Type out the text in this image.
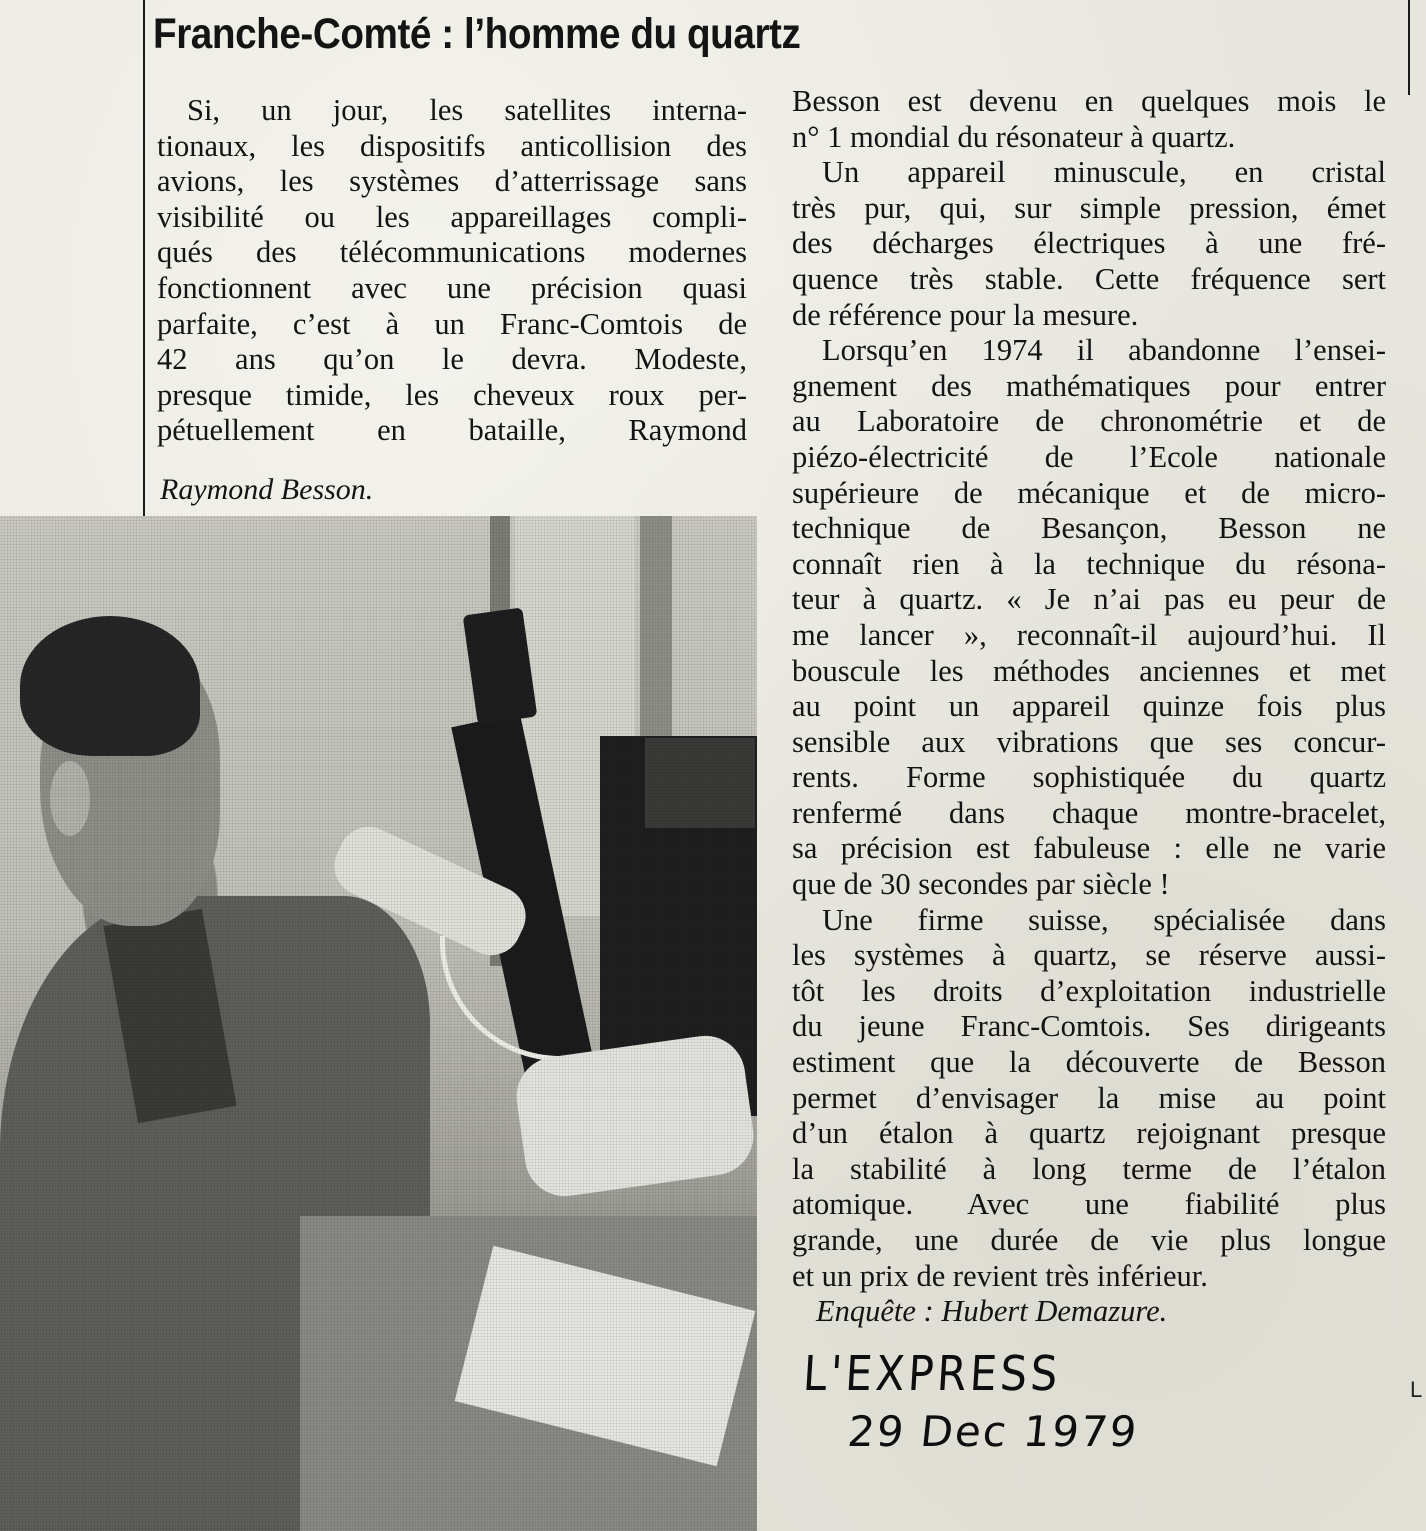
Franche-Comté : l’homme du quartz
Si, un jour, les satellites interna-
tionaux, les dispositifs anticollision des
avions, les systèmes d’atterrissage sans
visibilité ou les appareillages compli-
qués des télécommunications modernes
fonctionnent avec une précision quasi
parfaite, c’est à un Franc-Comtois de
42 ans qu’on le devra. Modeste,
presque timide, les cheveux roux per-
pétuellement en bataille, Raymond
Raymond Besson.
Besson est devenu en quelques mois le
n° 1 mondial du résonateur à quartz.
Un appareil minuscule, en cristal
très pur, qui, sur simple pression, émet
des décharges électriques à une fré-
quence très stable. Cette fréquence sert
de référence pour la mesure.
Lorsqu’en 1974 il abandonne l’ensei-
gnement des mathématiques pour entrer
au Laboratoire de chronométrie et de
piézo-électricité de l’Ecole nationale
supérieure de mécanique et de micro-
technique de Besançon, Besson ne
connaît rien à la technique du résona-
teur à quartz. « Je n’ai pas eu peur de
me lancer », reconnaît-il aujourd’hui. Il
bouscule les méthodes anciennes et met
au point un appareil quinze fois plus
sensible aux vibrations que ses concur-
rents. Forme sophistiquée du quartz
renfermé dans chaque montre-bracelet,
sa précision est fabuleuse : elle ne varie
que de 30 secondes par siècle !
Une firme suisse, spécialisée dans
les systèmes à quartz, se réserve aussi-
tôt les droits d’exploitation industrielle
du jeune Franc-Comtois. Ses dirigeants
estiment que la découverte de Besson
permet d’envisager la mise au point
d’un étalon à quartz rejoignant presque
la stabilité à long terme de l’étalon
atomique. Avec une fiabilité plus
grande, une durée de vie plus longue
et un prix de revient très inférieur.
Enquête : Hubert Demazure.
L'EXPRESS
29 Dec 1979
L
